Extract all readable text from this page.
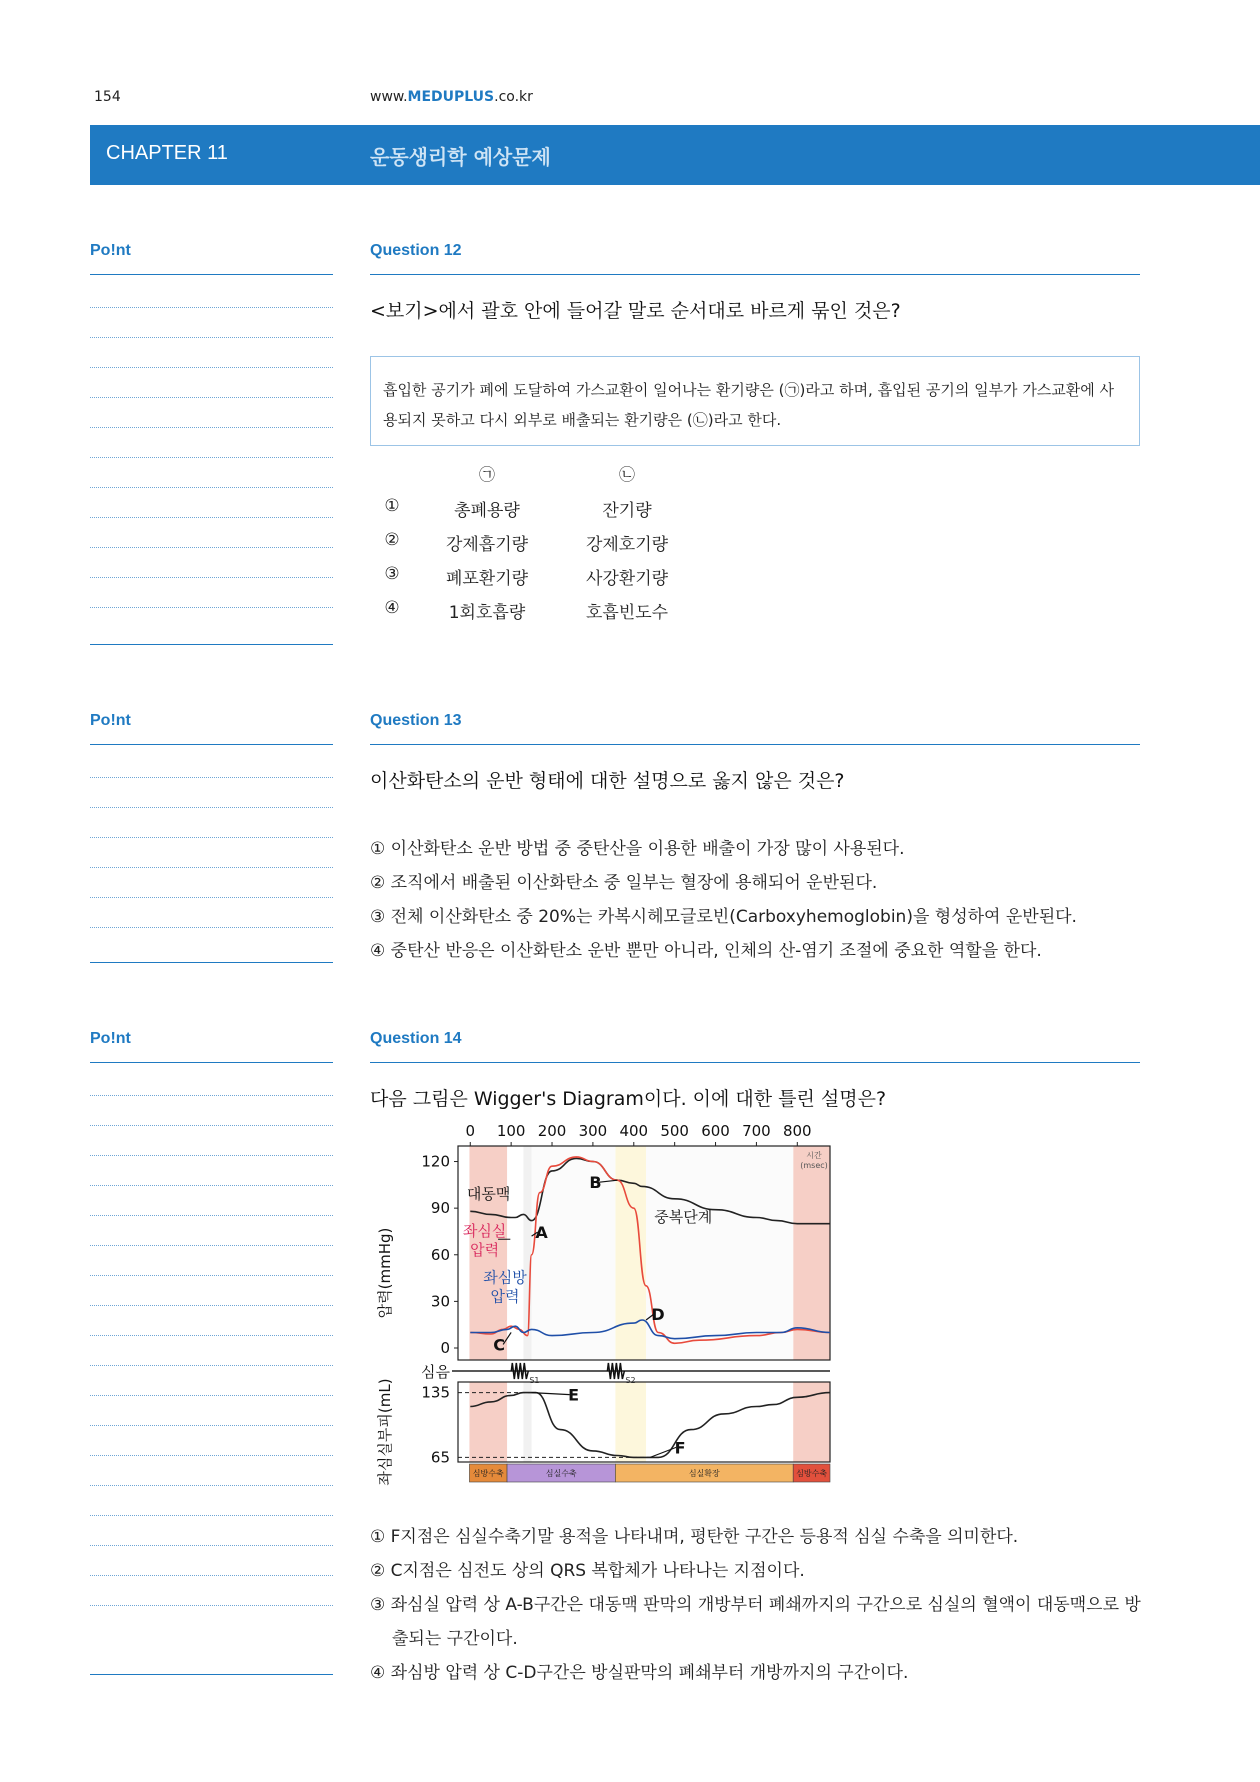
154	www.MEDUPLUS.co.kr
CHAPTER 11	운동생리학 예상문제
Po!nt	Question 12
<보기>에서 괄호 안에 들어갈 말로 순서대로 바르게 묶인 것은?
흡입한 공기가 폐에 도달하여 가스교환이 일어나는 환기량은 (㉠)라고 하며, 흡입된 공기의 일부가 가스교환에 사
용되지 못하고 다시 외부로 배출되는 환기량은 (㉡)라고 한다.
㉠	㉡
①	총폐용량	잔기량
②	강제흡기량	강제호기량
③	폐포환기량	사강환기량
④	1회호흡량	호흡빈도수
Po!nt	Question 13
이산화탄소의 운반 형태에 대한 설명으로 옳지 않은 것은?
① 이산화탄소 운반 방법 중 중탄산을 이용한 배출이 가장 많이 사용된다.
② 조직에서 배출된 이산화탄소 중 일부는 혈장에 용해되어 운반된다.
③ 전체 이산화탄소 중 20%는 카복시헤모글로빈(Carboxyhemoglobin)을 형성하여 운반된다.
④ 중탄산 반응은 이산화탄소 운반 뿐만 아니라, 인체의 산-염기 조절에 중요한 역할을 한다.
Po!nt	Question 14
다음 그림은 Wigger's Diagram이다. 이에 대한 틀린 설명은?
① F지점은 심실수축기말 용적을 나타내며, 평탄한 구간은 등용적 심실 수축을 의미한다.
② C지점은 심전도 상의 QRS 복합체가 나타나는 지점이다.
③ 좌심실 압력 상 A-B구간은 대동맥 판막의 개방부터 폐쇄까지의 구간으로 심실의 혈액이 대동맥으로 방
출되는 구간이다.
④ 좌심방 압력 상 C-D구간은 방실판막의 폐쇄부터 개방까지의 구간이다.
0 100 200 300 400 500 600 700 800
시간
(msec)
0
30
60
90
120
압력(mmHg)
65
135
좌심실부피(mL)
심음	S1	S2
대동맥
좌심실
압력
좌심방
압력
중복단계
A
B
C
D
E
F
심방수축	심실수축	심실확장	심방수축
